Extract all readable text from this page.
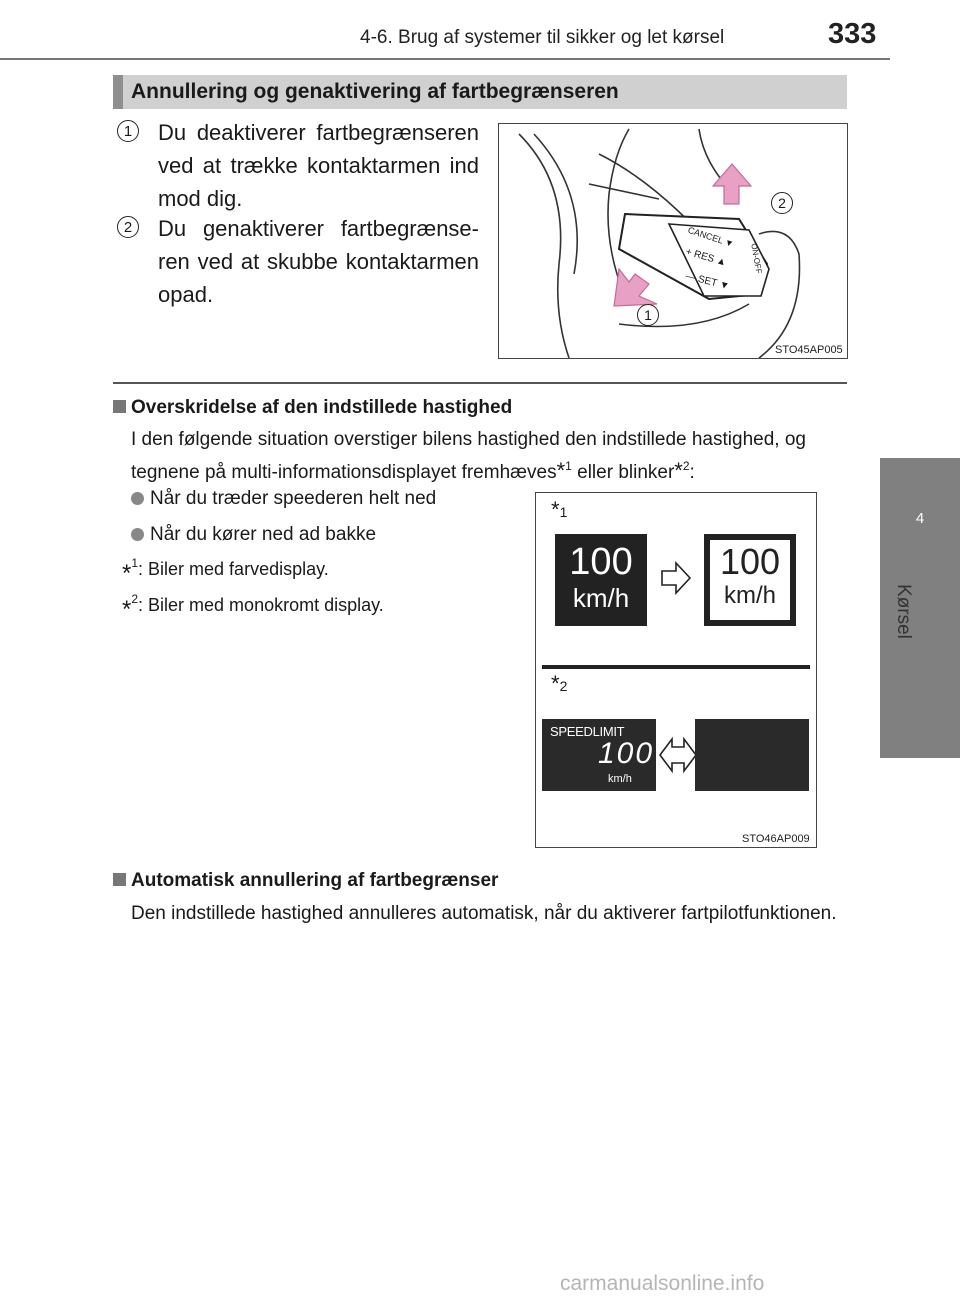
4-6. Brug af systemer til sikker og let kørsel	333
4
Kørsel
Annullering og genaktivering af fartbegrænseren
1	Du deaktiverer fartbegrænseren ved at trække kontaktarmen ind mod dig.
2	Du genaktiverer fartbegrænseren ved at skubbe kontaktarmen opad.
CANCEL ▼
+ RES ▲
— SET ▼
ON-OFF
2
1
STO45AP005
Overskridelse af den indstillede hastighed
I den følgende situation overstiger bilens hastighed den indstillede hastighed, og tegnene på multi-informationsdisplayet fremhæves*$^1$ eller blinker*$^2$:
Når du træder speederen helt ned
Når du kører ned ad bakke
*$^1$: Biler med farvedisplay.
*$^2$: Biler med monokromt display.
*1
100
km/h
100
km/h
*2
SPEEDLIMIT
100
km/h
STO46AP009
Automatisk annullering af fartbegrænser
Den indstillede hastighed annulleres automatisk, når du aktiverer fartpilotfunktionen.
carmanualsonline.info
